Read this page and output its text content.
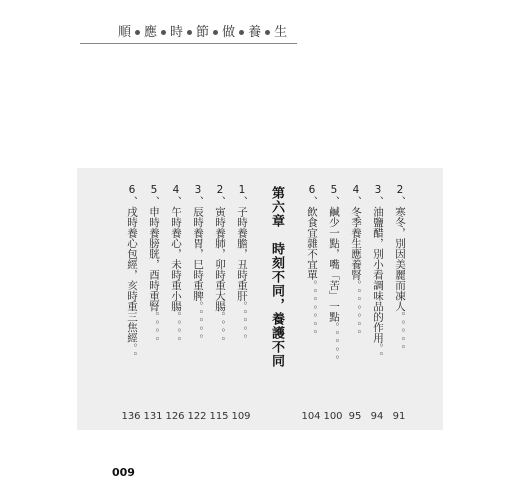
順 應 時 節 做 養 生
2、寒冬，別因美麗而凍人。。。。。
91
3、油鹽醋，別小看調味品的作用。。
94
4、冬季養生應養腎。。。。。。。
95
5、鹹少一點，嘴「苦」一點。。。。。
100
6、飲食宜雜不宜單。。。。。。。
104
第六章　時刻不同，養護不同
1、子時養膽，丑時重肝。。。。。
109
2、寅時養肺，卯時重大腸。。。。
115
3、辰時養胃，巳時重脾。。。。。
122
4、午時養心，未時重小腸。。。。
126
5、申時養膀胱，酉時重腎。。。。
131
6、戌時養心包經，亥時重三焦經。。
136
009
